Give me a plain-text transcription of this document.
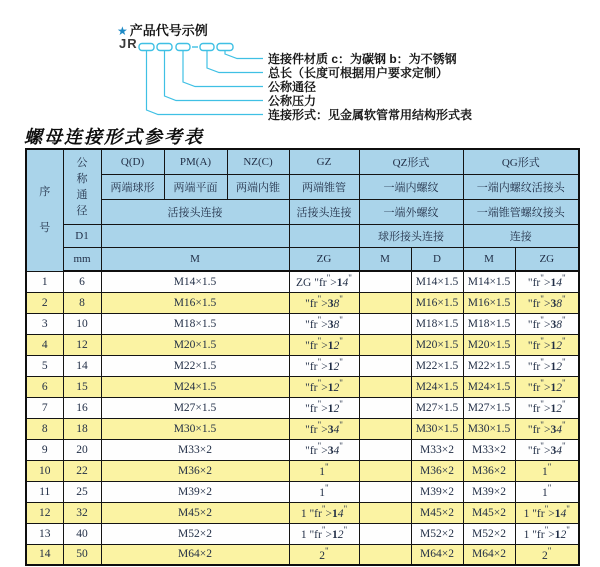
★ 产品代号示例
JR
连接件材质 c：为碳钢 b：为不锈钢
总长（长度可根据用户要求定制）
公称通径
公称压力
连接形式：见金属软管常用结构形式表
螺母连接形式参考表
序
号	公
称
通
径	Q(D)	PM(A)	NZ(C)	GZ	QZ形式		QG形式	
		两端球形	两端平面	两端内锥	两端锥管	一端内螺纹		一端内螺纹活接头	
		活接头连接			活接头连接	一端外螺纹		一端锥管螺纹接头	
	D1					球形接头连接		连接	
	mm	M			ZG	M	D	M	ZG
1	6	M14×1.5			ZG "fr">14"		M14×1.5	M14×1.5	"fr">14"
2	8	M16×1.5			"fr">38"		M16×1.5	M16×1.5	"fr">38"
3	10	M18×1.5			"fr">38"		M18×1.5	M18×1.5	"fr">38"
4	12	M20×1.5			"fr">12"		M20×1.5	M20×1.5	"fr">12"
5	14	M22×1.5			"fr">12"		M22×1.5	M22×1.5	"fr">12"
6	15	M24×1.5			"fr">12"		M24×1.5	M24×1.5	"fr">12"
7	16	M27×1.5			"fr">12"		M27×1.5	M27×1.5	"fr">12"
8	18	M30×1.5			"fr">34"		M30×1.5	M30×1.5	"fr">34"
9	20	M33×2			"fr">34"		M33×2	M33×2	"fr">34"
10	22	M36×2			1"		M36×2	M36×2	1"
11	25	M39×2			1"		M39×2	M39×2	1"
12	32	M45×2			1 "fr">14"		M45×2	M45×2	1 "fr">14"
13	40	M52×2			1 "fr">12"		M52×2	M52×2	1 "fr">12"
14	50	M64×2			2"		M64×2	M64×2	2"
